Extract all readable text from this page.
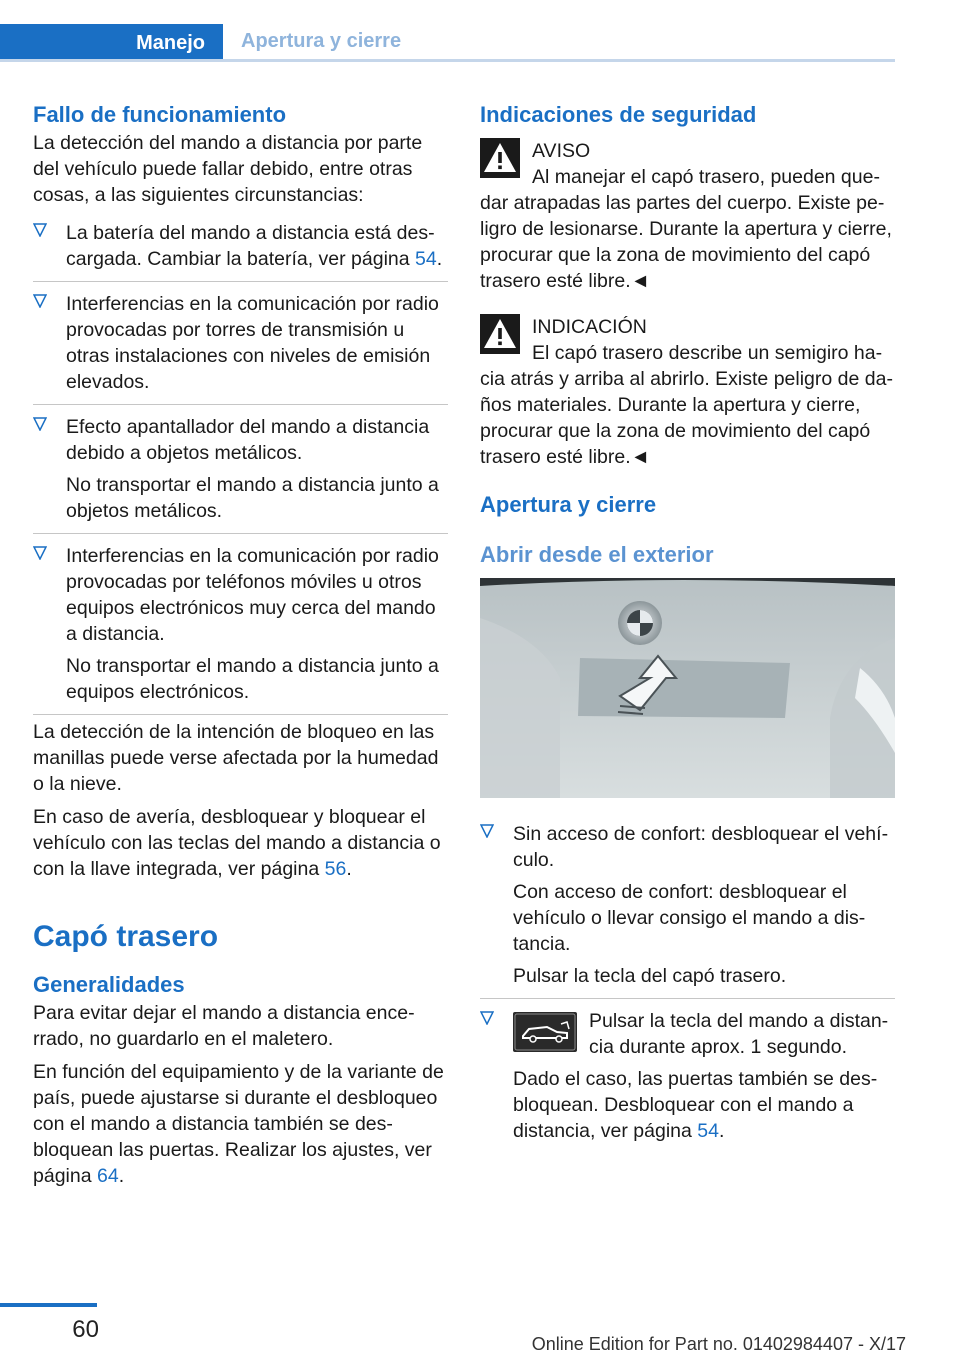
Manejo	Apertura y cierre
Fallo de funcionamiento

La detección del mando a distancia por parte del vehículo puede fallar debido, entre otras cosas, a las siguientes circunstancias:

La batería del mando a distancia está descargada. Cambiar la batería, ver página 54.
Interferencias en la comunicación por radio provocadas por torres de transmisión u otras instalaciones con niveles de emisión elevados.
Efecto apantallador del mando a distancia debido a objetos metálicos.

No transportar el mando a distancia junto a objetos metálicos.

Interferencias en la comunicación por radio provocadas por teléfonos móviles u otros equipos electrónicos muy cerca del mando a distancia.

No transportar el mando a distancia junto a equipos electrónicos.

La detección de la intención de bloqueo en las manillas puede verse afectada por la humedad o la nieve.

En caso de avería, desbloquear y bloquear el vehículo con las teclas del mando a distancia o con la llave integrada, ver página 56.

Capó trasero
Generalidades

Para evitar dejar el mando a distancia encerrado, no guardarlo en el maletero.

En función del equipamiento y de la variante de país, puede ajustarse si durante el desbloqueo con el mando a distancia también se desbloquean las puertas. Realizar los ajustes, ver página 64.

Indicaciones de seguridad
AVISO
Al manejar el capó trasero, pueden quedar atrapadas las partes del cuerpo. Existe peligro de lesionarse. Durante la apertura y cierre, procurar que la zona de movimiento del capó trasero esté libre.◄
INDICACIÓN
El capó trasero describe un semigiro hacia atrás y arriba al abrirlo. Existe peligro de daños materiales. Durante la apertura y cierre, procurar que la zona de movimiento del capó trasero esté libre.◄
Apertura y cierre
Abrir desde el exterior
Sin acceso de confort: desbloquear el vehículo.

Con acceso de confort: desbloquear el vehículo o llevar consigo el mando a distancia.

Pulsar la tecla del capó trasero.

Pulsar la tecla del mando a distancia durante aprox. 1 segundo.

Dado el caso, las puertas también se desbloquean. Desbloquear con el mando a distancia, ver página 54.

60
Online Edition for Part no. 01402984407 - X/17
